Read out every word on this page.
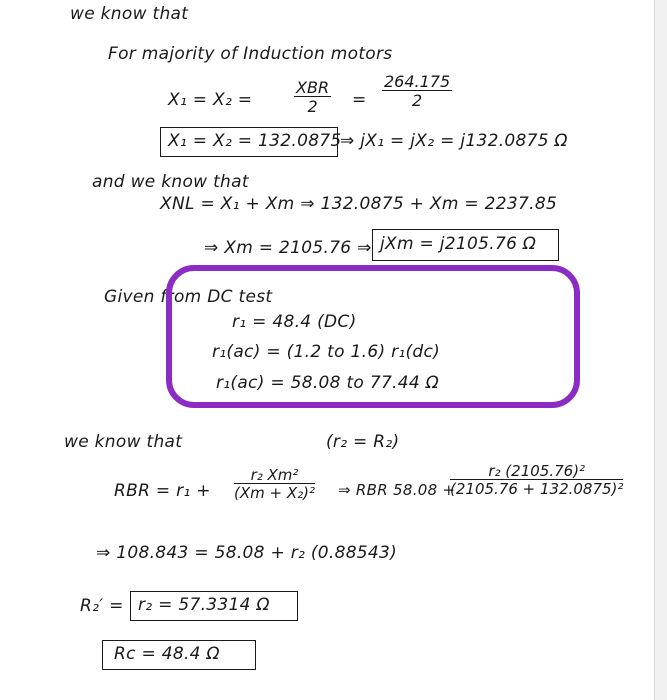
we know that
For majority of Induction motors
X₁ = X₂ =
XBR
2	= $\frac{264.175}{2}$
X₁ = X₂ = 132.0875
⇒ jX₁ = jX₂ = j132.0875 Ω
and we know that
XNL = X₁ + Xm ⇒ 132.0875 + Xm = 2237.85
⇒ Xm = 2105.76 ⇒ jXm = j2105.76 Ω
Given from DC test
r₁ = 48.4 (DC)
r₁(ac) = (1.2 to 1.6) r₁(dc)
r₁(ac) = 58.08 to 77.44 Ω
we know that	(r₂ = R₂)
RBR = $r_1 + \frac{\text{r₂ Xm²}}{\text{(Xm + X₂)²}}$ ⇒ RBR 58.08 +
$\frac{\text{r₂ (2105.76)²}}{\text{(2105.76 + 132.0875)²}}$
⇒ 108.843 = 58.08 + r₂ (0.88543)
R₂′ = r₂ = 57.3314 Ω
Rc = 48.4 Ω
